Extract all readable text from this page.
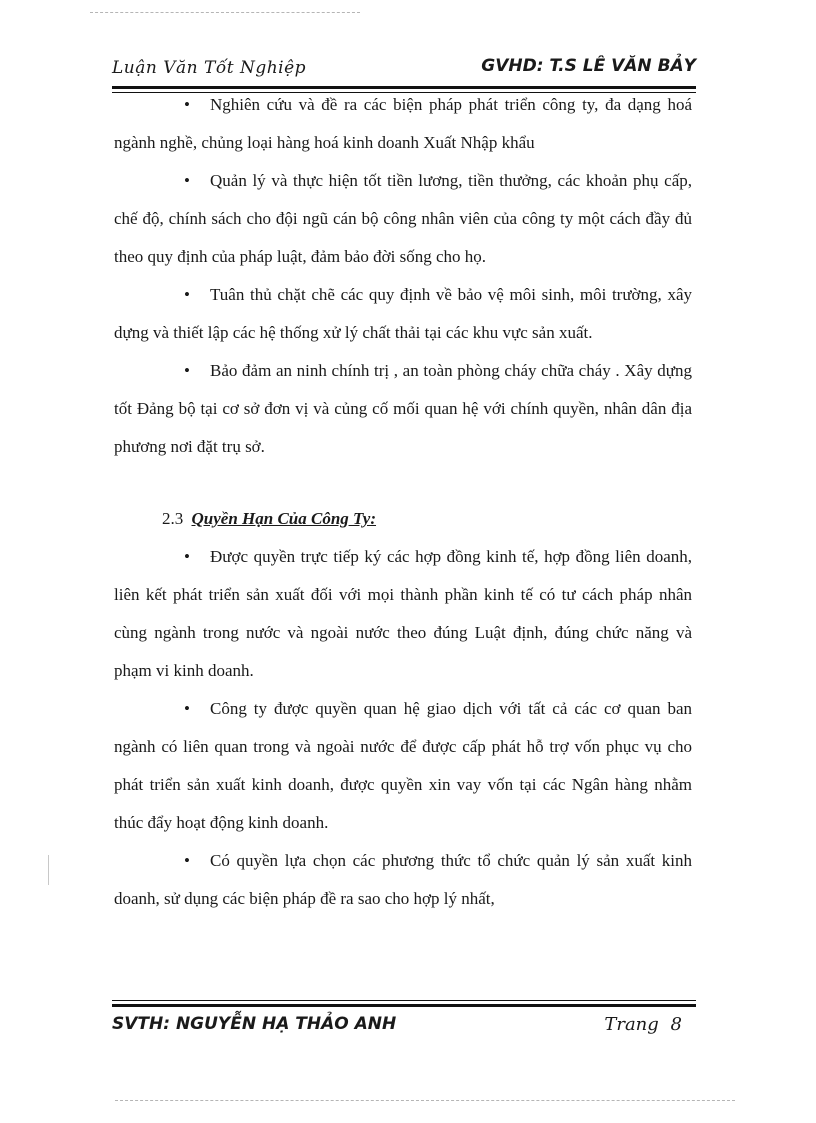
Luận Văn Tốt Nghiệp	GVHD: T.S LÊ VĂN BẢY

• Nghiên cứu và đề ra các biện pháp phát triển công ty, đa dạng hoá ngành nghề, chủng loại hàng hoá kinh doanh Xuất Nhập khẩu

• Quản lý và thực hiện tốt tiền lương, tiền thưởng, các khoản phụ cấp, chế độ, chính sách cho đội ngũ cán bộ công nhân viên của công ty một cách đầy đủ theo quy định của pháp luật, đảm bảo đời sống cho họ.

• Tuân thủ chặt chẽ các quy định về bảo vệ môi sinh, môi trường, xây dựng và thiết lập các hệ thống xử lý chất thải tại các khu vực sản xuất.

• Bảo đảm an ninh chính trị , an toàn phòng cháy chữa cháy . Xây dựng tốt Đảng bộ tại cơ sở đơn vị và củng cố mối quan hệ với chính quyền, nhân dân địa phương nơi đặt trụ sở.

2.3 Quyền Hạn Của Công Ty:

• Được quyền trực tiếp ký các hợp đồng kinh tế, hợp đồng liên doanh, liên kết phát triển sản xuất đối với mọi thành phần kinh tế có tư cách pháp nhân cùng ngành trong nước và ngoài nước theo đúng Luật định, đúng chức năng và phạm vi kinh doanh.

• Công ty được quyền quan hệ giao dịch với tất cả các cơ quan ban ngành có liên quan trong và ngoài nước để được cấp phát hỗ trợ vốn phục vụ cho phát triển sản xuất kinh doanh, được quyền xin vay vốn tại các Ngân hàng nhằm thúc đẩy hoạt động kinh doanh.

• Có quyền lựa chọn các phương thức tổ chức quản lý sản xuất kinh doanh, sử dụng các biện pháp đề ra sao cho hợp lý nhất,

SVTH: NGUYỄN HẠ THẢO ANH	Trang 8
